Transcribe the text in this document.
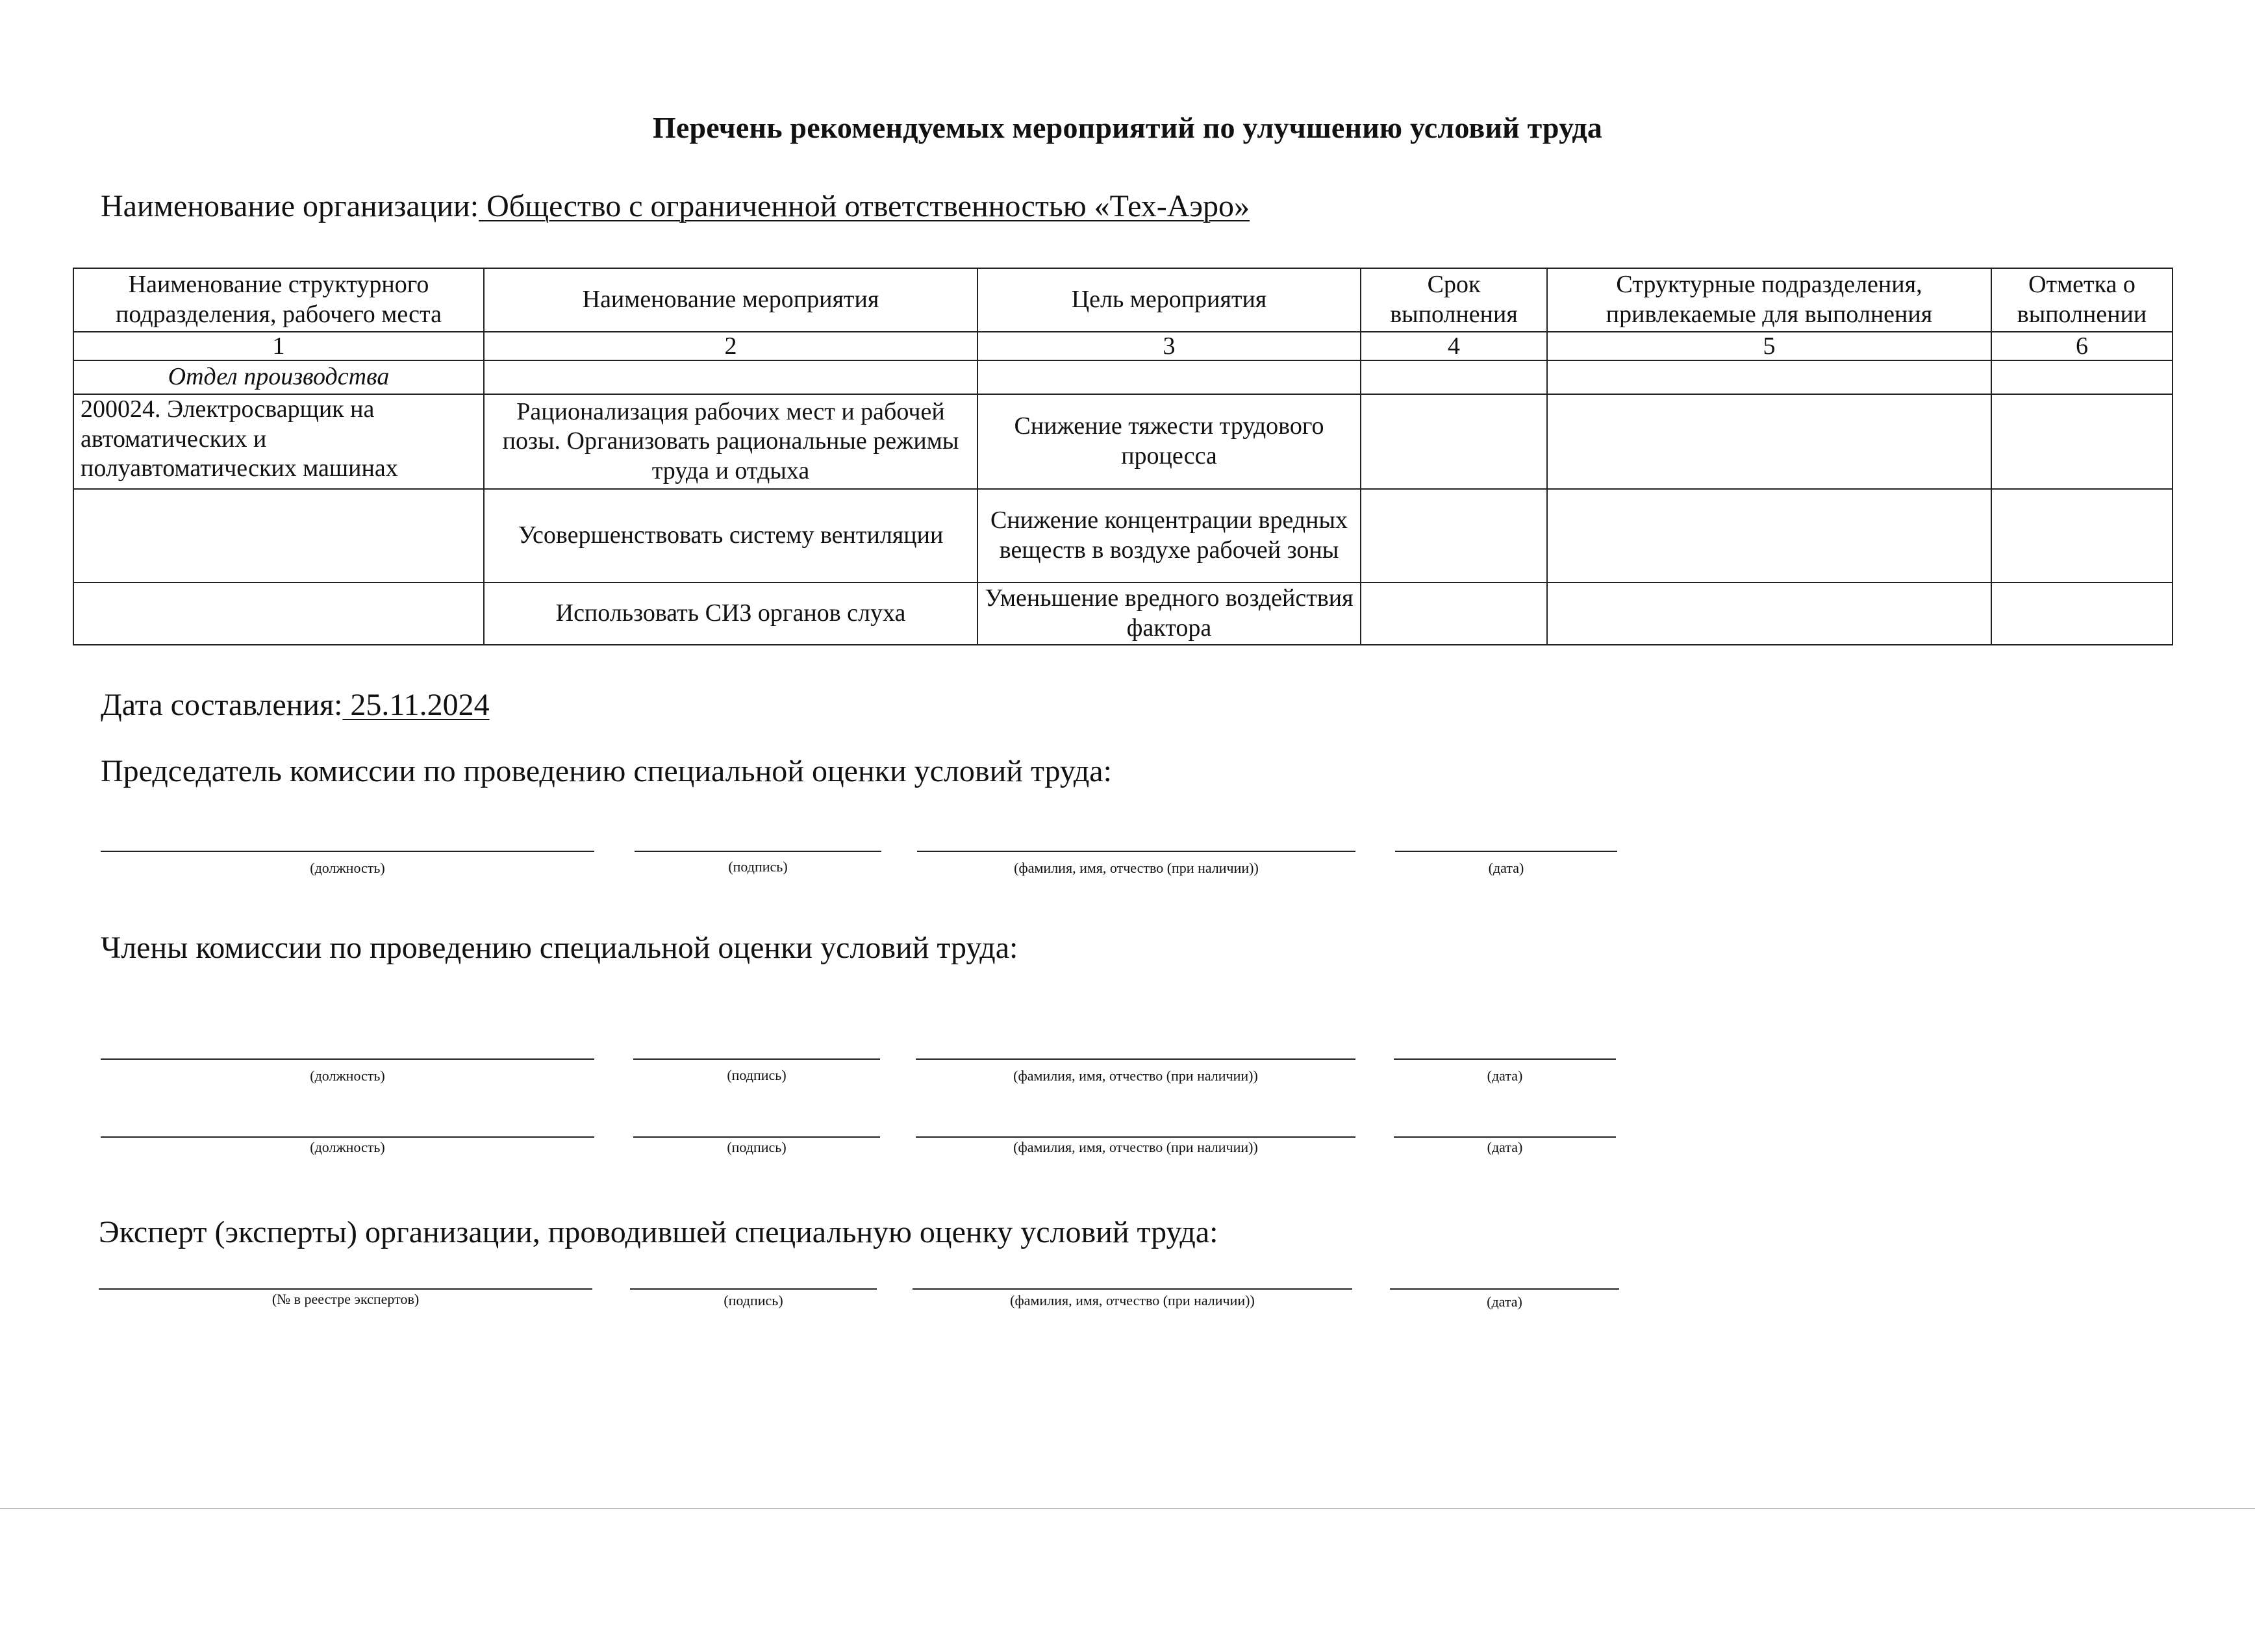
Перечень рекомендуемых мероприятий по улучшению условий труда
Наименование организации: Общество с ограниченной ответственностью «Тех-Аэро»
Наименование структурного подразделения, рабочего места	Наименование мероприятия	Цель мероприятия	Срок выполнения	Структурные подразделения, привлекаемые для выполнения	Отметка о выполнении
1	2	3	4	5	6
Отдел производства					
200024. Электросварщик на автоматических и полуавтоматических машинах	Рационализация рабочих мест и рабочей позы. Организовать рациональные режимы труда и отдыха	Снижение тяжести трудового процесса			
	Усовершенствовать систему вентиляции	Снижение концентрации вредных веществ в воздухе рабочей зоны			
	Использовать СИЗ органов слуха	Уменьшение вредного воздействия фактора			
Дата составления: 25.11.2024
Председатель комиссии по проведению специальной оценки условий труда:
(должность)	(подпись)	(фамилия, имя, отчество (при наличии))	(дата)
Члены комиссии по проведению специальной оценки условий труда:
(должность)	(подпись)	(фамилия, имя, отчество (при наличии))	(дата)
(должность)	(подпись)	(фамилия, имя, отчество (при наличии))	(дата)
Эксперт (эксперты) организации, проводившей специальную оценку условий труда:
(№ в реестре экспертов)	(подпись)	(фамилия, имя, отчество (при наличии))	(дата)
